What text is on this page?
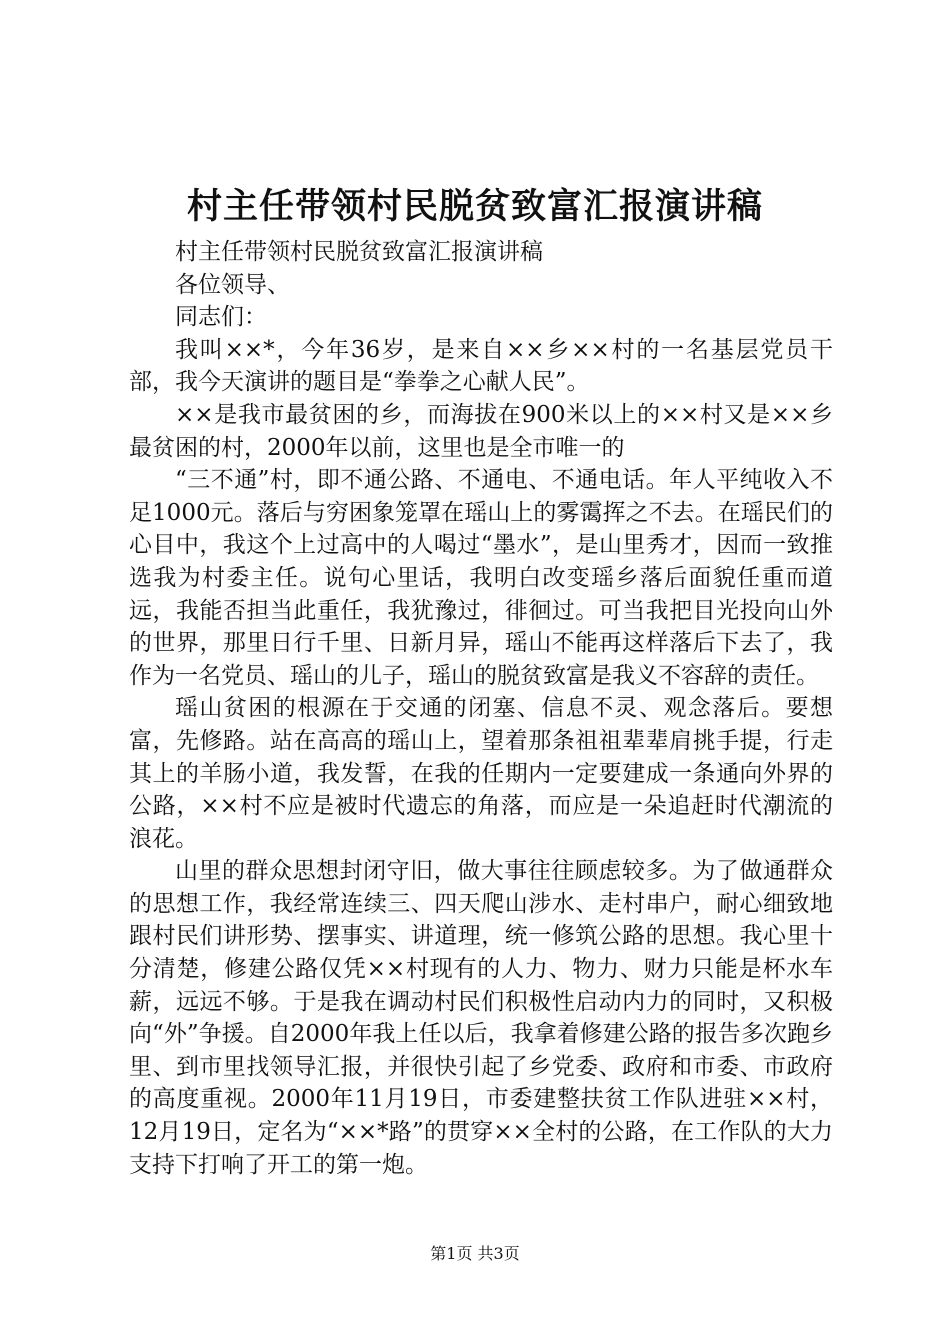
村主任带领村民脱贫致富汇报演讲稿

村主任带领村民脱贫致富汇报演讲稿

各位领导、

同志们：

我叫××*，今年36岁，是来自××乡××村的一名基层党员干部，我今天演讲的题目是“拳拳之心献人民”。

××是我市最贫困的乡，而海拔在900米以上的××村又是××乡最贫困的村，2000年以前，这里也是全市唯一的

“三不通”村，即不通公路、不通电、不通电话。年人平纯收入不足1000元。落后与穷困象笼罩在瑶山上的雾霭挥之不去。在瑶民们的心目中，我这个上过高中的人喝过“墨水”，是山里秀才，因而一致推选我为村委主任。说句心里话，我明白改变瑶乡落后面貌任重而道远，我能否担当此重任，我犹豫过，徘徊过。可当我把目光投向山外的世界，那里日行千里、日新月异，瑶山不能再这样落后下去了，我作为一名党员、瑶山的儿子，瑶山的脱贫致富是我义不容辞的责任。

瑶山贫困的根源在于交通的闭塞、信息不灵、观念落后。要想富，先修路。站在高高的瑶山上，望着那条祖祖辈辈肩挑手提，行走其上的羊肠小道，我发誓，在我的任期内一定要建成一条通向外界的公路，××村不应是被时代遗忘的角落，而应是一朵追赶时代潮流的浪花。

山里的群众思想封闭守旧，做大事往往顾虑较多。为了做通群众的思想工作，我经常连续三、四天爬山涉水、走村串户，耐心细致地跟村民们讲形势、摆事实、讲道理，统一修筑公路的思想。我心里十分清楚，修建公路仅凭××村现有的人力、物力、财力只能是杯水车薪，远远不够。于是我在调动村民们积极性启动内力的同时，又积极向“外”争援。自2000年我上任以后，我拿着修建公路的报告多次跑乡里、到市里找领导汇报，并很快引起了乡党委、政府和市委、市政府的高度重视。2000年11月19日，市委建整扶贫工作队进驻××村，12月19日，定名为“××*路”的贯穿××全村的公路，在工作队的大力支持下打响了开工的第一炮。

第1页 共3页
